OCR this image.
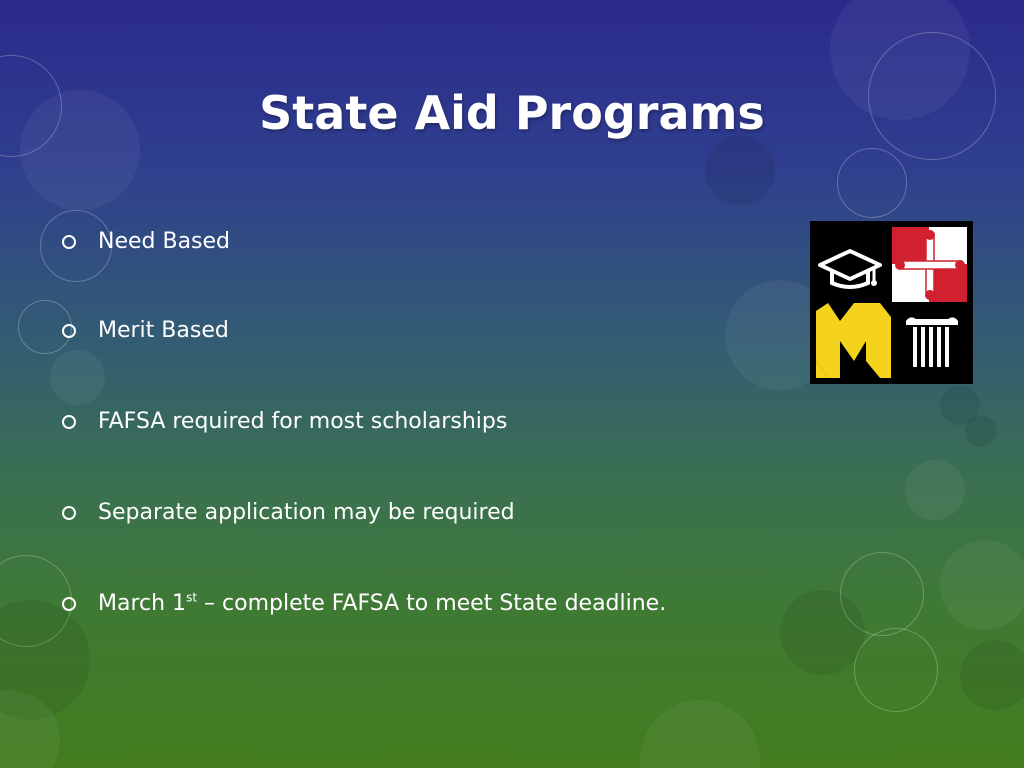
State Aid Programs
Need Based
Merit Based
FAFSA required for most scholarships
Separate application may be required
March 1st – complete FAFSA to meet State deadline.
